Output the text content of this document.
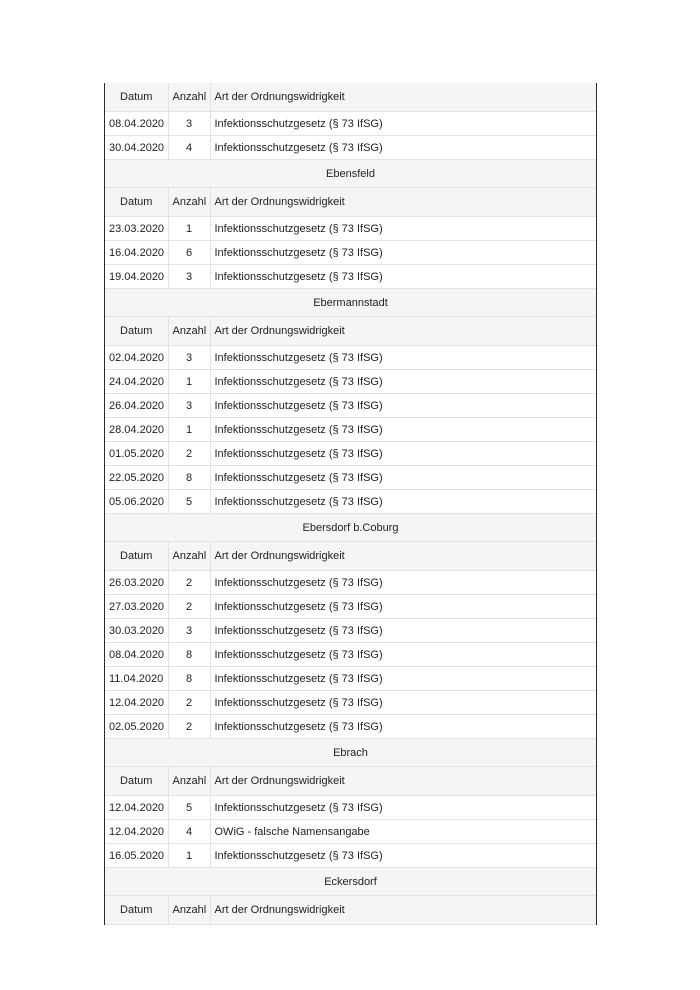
Datum	Anzahl	Art der Ordnungswidrigkeit
08.04.2020	3	Infektionsschutzgesetz (§ 73 IfSG)
30.04.2020	4	Infektionsschutzgesetz (§ 73 IfSG)
Ebensfeld		
Datum	Anzahl	Art der Ordnungswidrigkeit
23.03.2020	1	Infektionsschutzgesetz (§ 73 IfSG)
16.04.2020	6	Infektionsschutzgesetz (§ 73 IfSG)
19.04.2020	3	Infektionsschutzgesetz (§ 73 IfSG)
Ebermannstadt		
Datum	Anzahl	Art der Ordnungswidrigkeit
02.04.2020	3	Infektionsschutzgesetz (§ 73 IfSG)
24.04.2020	1	Infektionsschutzgesetz (§ 73 IfSG)
26.04.2020	3	Infektionsschutzgesetz (§ 73 IfSG)
28.04.2020	1	Infektionsschutzgesetz (§ 73 IfSG)
01.05.2020	2	Infektionsschutzgesetz (§ 73 IfSG)
22.05.2020	8	Infektionsschutzgesetz (§ 73 IfSG)
05.06.2020	5	Infektionsschutzgesetz (§ 73 IfSG)
Ebersdorf b.Coburg		
Datum	Anzahl	Art der Ordnungswidrigkeit
26.03.2020	2	Infektionsschutzgesetz (§ 73 IfSG)
27.03.2020	2	Infektionsschutzgesetz (§ 73 IfSG)
30.03.2020	3	Infektionsschutzgesetz (§ 73 IfSG)
08.04.2020	8	Infektionsschutzgesetz (§ 73 IfSG)
11.04.2020	8	Infektionsschutzgesetz (§ 73 IfSG)
12.04.2020	2	Infektionsschutzgesetz (§ 73 IfSG)
02.05.2020	2	Infektionsschutzgesetz (§ 73 IfSG)
Ebrach		
Datum	Anzahl	Art der Ordnungswidrigkeit
12.04.2020	5	Infektionsschutzgesetz (§ 73 IfSG)
12.04.2020	4	OWiG - falsche Namensangabe
16.05.2020	1	Infektionsschutzgesetz (§ 73 IfSG)
Eckersdorf		
Datum	Anzahl	Art der Ordnungswidrigkeit
